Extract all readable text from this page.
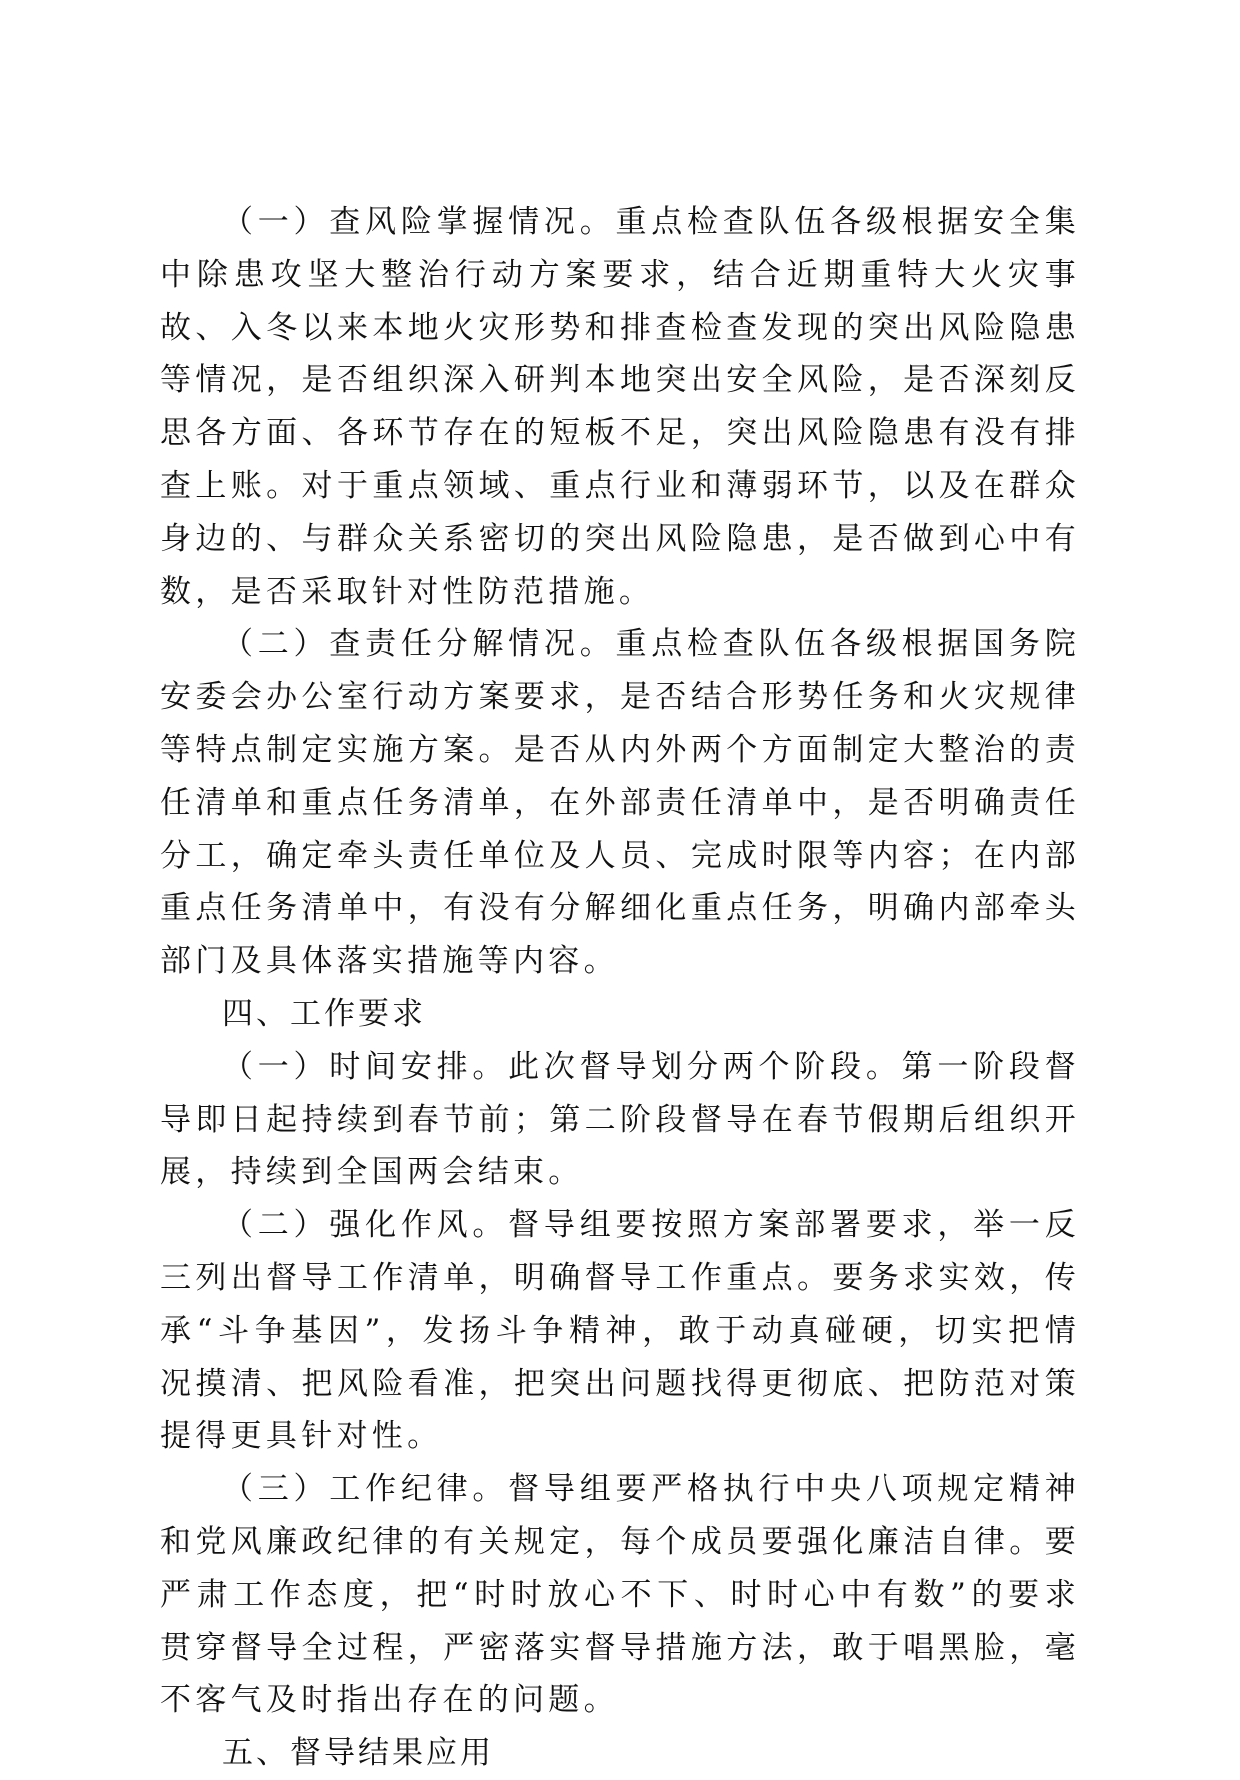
（一）查风险掌握情况。重点检查队伍各级根据安全集中除患攻坚大整治行动方案要求，结合近期重特大火灾事故、入冬以来本地火灾形势和排查检查发现的突出风险隐患等情况，是否组织深入研判本地突出安全风险，是否深刻反思各方面、各环节存在的短板不足，突出风险隐患有没有排查上账。对于重点领域、重点行业和薄弱环节，以及在群众身边的、与群众关系密切的突出风险隐患，是否做到心中有数，是否采取针对性防范措施。

（二）查责任分解情况。重点检查队伍各级根据国务院安委会办公室行动方案要求，是否结合形势任务和火灾规律等特点制定实施方案。是否从内外两个方面制定大整治的责任清单和重点任务清单，在外部责任清单中，是否明确责任分工，确定牵头责任单位及人员、完成时限等内容；在内部重点任务清单中，有没有分解细化重点任务，明确内部牵头部门及具体落实措施等内容。

四、工作要求

（一）时间安排。此次督导划分两个阶段。第一阶段督导即日起持续到春节前；第二阶段督导在春节假期后组织开展，持续到全国两会结束。

（二）强化作风。督导组要按照方案部署要求，举一反三列出督导工作清单，明确督导工作重点。要务求实效，传承“斗争基因”，发扬斗争精神，敢于动真碰硬，切实把情况摸清、把风险看准，把突出问题找得更彻底、把防范对策提得更具针对性。

（三）工作纪律。督导组要严格执行中央八项规定精神和党风廉政纪律的有关规定，每个成员要强化廉洁自律。要严肃工作态度，把“时时放心不下、时时心中有数”的要求贯穿督导全过程，严密落实督导措施方法，敢于唱黑脸，毫不客气及时指出存在的问题。

五、督导结果应用
